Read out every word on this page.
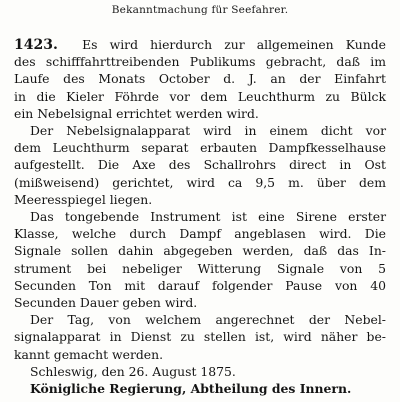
Bekanntmachung für Seefahrer.
1423. Es wird hierdurch zur allgemeinen Kunde
des schifffahrttreibenden Publikums gebracht, daß im
Laufe des Monats October d. J. an der Einfahrt
in die Kieler Föhrde vor dem Leuchthurm zu Bülck
ein Nebelsignal errichtet werden wird.
Der Nebelsignalapparat wird in einem dicht vor
dem Leuchthurm separat erbauten Dampfkesselhause
aufgestellt. Die Axe des Schallrohrs direct in Ost
(mißweisend) gerichtet, wird ca 9,5 m. über dem
Meeresspiegel liegen.
Das tongebende Instrument ist eine Sirene erster
Klasse, welche durch Dampf angeblasen wird. Die
Signale sollen dahin abgegeben werden, daß das In-
strument bei nebeliger Witterung Signale von 5
Secunden Ton mit darauf folgender Pause von 40
Secunden Dauer geben wird.
Der Tag, von welchem angerechnet der Nebel-
signalapparat in Dienst zu stellen ist, wird näher be-
kannt gemacht werden.
Schleswig, den 26. August 1875.
Königliche Regierung, Abtheilung des Innern.
